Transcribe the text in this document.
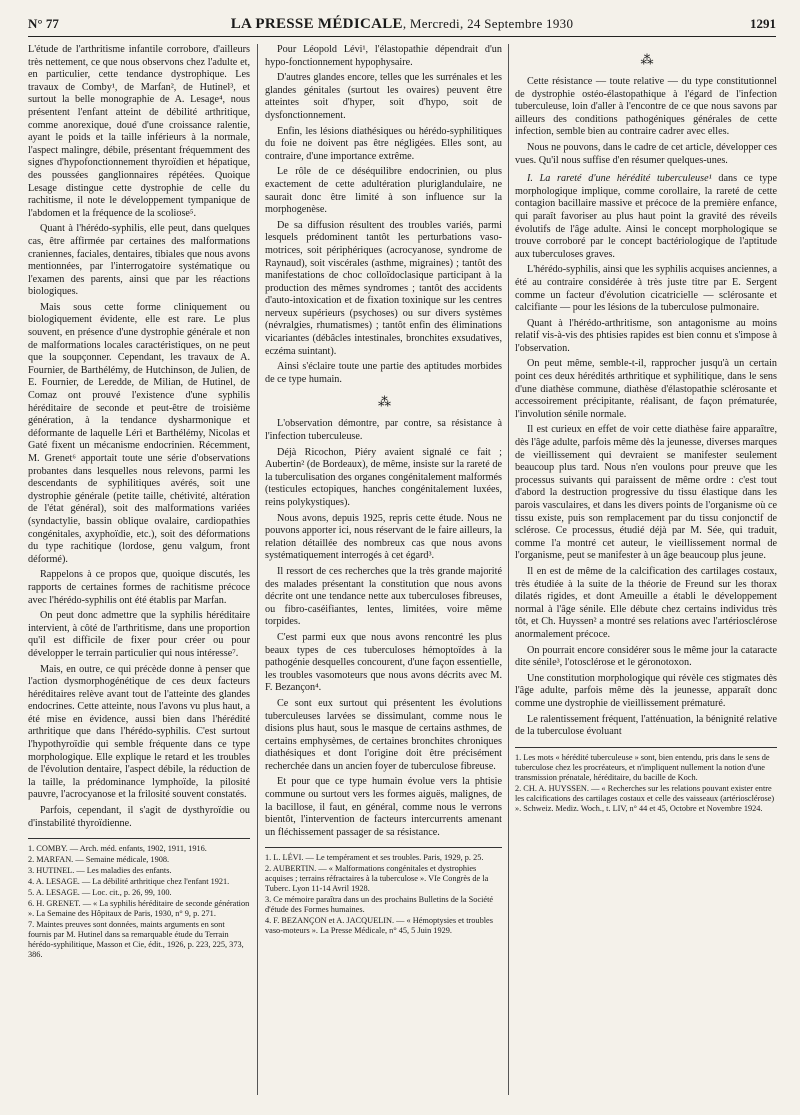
N° 77	LA PRESSE MÉDICALE, Mercredi, 24 Septembre 1930	1291

L'étude de l'arthritisme infantile corrobore, d'ailleurs très nettement, ce que nous observons chez l'adulte et, en particulier, cette tendance dystrophique. Les travaux de Comby¹, de Marfan², de Hutinel³, et surtout la belle monographie de A. Lesage⁴, nous présentent l'enfant atteint de débilité arthritique, comme anorexique, doué d'une croissance ralentie, ayant le poids et la taille inférieurs à la normale, l'aspect malingre, débile, présentant fréquemment des signes d'hypofonctionnement thyroïdien et hépatique, des poussées ganglionnaires répétées. Quoique Lesage distingue cette dystrophie de celle du rachitisme, il note le développement tympanique de l'abdomen et la fréquence de la scoliose⁵.

Quant à l'hérédo-syphilis, elle peut, dans quelques cas, être affirmée par certaines des malformations craniennes, faciales, dentaires, tibiales que nous avons mentionnées, par l'interrogatoire systématique ou l'examen des parents, ainsi que par les réactions biologiques.

Mais sous cette forme cliniquement ou biologiquement évidente, elle est rare. Le plus souvent, en présence d'une dystrophie générale et non de malformations locales caractéristiques, on ne peut que la soupçonner. Cependant, les travaux de A. Fournier, de Barthélémy, de Hutchinson, de Julien, de E. Fournier, de Leredde, de Milian, de Hutinel, de Comaz ont prouvé l'existence d'une syphilis héréditaire de seconde et peut-être de troisième génération, à la tendance dysharmonique et déformante de laquelle Léri et Barthélémy, Nicolas et Gaté fixent un mécanisme endocrinien. Récemment, M. Grenet⁶ apportait toute une série d'observations probantes dans lesquelles nous relevons, parmi les descendants de syphilitiques avérés, soit une dystrophie générale (petite taille, chétivité, altération de l'état général), soit des malformations variées (syndactylie, bassin oblique ovalaire, cardiopathies congénitales, axyphoïdie, etc.), soit des déformations du type rachitique (lordose, genu valgum, front déformé).

Rappelons à ce propos que, quoique discutés, les rapports de certaines formes de rachitisme précoce avec l'hérédo-syphilis ont été établis par Marfan.

On peut donc admettre que la syphilis héréditaire intervient, à côté de l'arthritisme, dans une proportion qu'il est difficile de fixer pour créer ou pour développer le terrain particulier qui nous intéresse⁷.

Mais, en outre, ce qui précède donne à penser que l'action dysmorphogénétique de ces deux facteurs héréditaires relève avant tout de l'atteinte des glandes endocrines. Cette atteinte, nous l'avons vu plus haut, a été mise en évidence, aussi bien dans l'hérédité arthritique que dans l'hérédo-syphilis. C'est surtout l'hypothyroïdie qui semble fréquente dans ce type morphologique. Elle explique le retard et les troubles de l'évolution dentaire, l'aspect débile, la réduction de la taille, la prédominance lymphoïde, la pilosité pauvre, l'acrocyanose et la frilosité souvent constatés.

Parfois, cependant, il s'agit de dysthyroïdie ou d'instabilité thyroïdienne.

1. COMBY. — Arch. méd. enfants, 1902, 1911, 1916.
2. MARFAN. — Semaine médicale, 1908.
3. HUTINEL. — Les maladies des enfants.
4. A. LESAGE. — La débilité arthritique chez l'enfant 1921.
5. A. LESAGE. — Loc. cit., p. 26, 99, 100.
6. H. GRENET. — « La syphilis héréditaire de seconde génération ». La Semaine des Hôpitaux de Paris, 1930, n° 9, p. 271.
7. Maintes preuves sont données, maints arguments en sont fournis par M. Hutinel dans sa remarquable étude du Terrain hérédo-syphilitique, Masson et Cie, édit., 1926, p. 223, 225, 373, 386.

Pour Léopold Lévi¹, l'élastopathie dépendrait d'un hypo-fonctionnement hypophysaire.

D'autres glandes encore, telles que les surrénales et les glandes génitales (surtout les ovaires) peuvent être atteintes soit d'hyper, soit d'hypo, soit de dysfonctionnement.

Enfin, les lésions diathésiques ou hérédo-syphilitiques du foie ne doivent pas être négligées. Elles sont, au contraire, d'une importance extrême.

Le rôle de ce déséquilibre endocrinien, ou plus exactement de cette adultération pluriglandulaire, ne saurait donc être limité à son influence sur la morphogenèse.

De sa diffusion résultent des troubles variés, parmi lesquels prédominent tantôt les perturbations vaso-motrices, soit périphériques (acrocyanose, syndrome de Raynaud), soit viscérales (asthme, migraines) ; tantôt des manifestations de choc colloïdoclasique participant à la production des mêmes syndromes ; tantôt des accidents d'auto-intoxication et de fixation toxinique sur les centres nerveux supérieurs (psychoses) ou sur divers systèmes (névralgies, rhumatismes) ; tantôt enfin des éliminations vicariantes (débâcles intestinales, bronchites exsudatives, eczéma suintant).

Ainsi s'éclaire toute une partie des aptitudes morbides de ce type humain.

⁂

L'observation démontre, par contre, sa résistance à l'infection tuberculeuse.

Déjà Ricochon, Piéry avaient signalé ce fait ; Aubertin² (de Bordeaux), de même, insiste sur la rareté de la tuberculisation des organes congénitalement malformés (testicules ectopiques, hanches congénitalement luxées, reins polykystiques).

Nous avons, depuis 1925, repris cette étude. Nous ne pouvons apporter ici, nous réservant de le faire ailleurs, la relation détaillée des nombreux cas que nous avons systématiquement interrogés à cet égard³.

Il ressort de ces recherches que la très grande majorité des malades présentant la constitution que nous avons décrite ont une tendance nette aux tuberculoses fibreuses, ou fibro-caséifiantes, lentes, limitées, voire même torpides.

C'est parmi eux que nous avons rencontré les plus beaux types de ces tuberculoses hémoptoïdes à la pathogénie desquelles concourent, d'une façon essentielle, les troubles vasomoteurs que nous avons décrits avec M. F. Bezançon⁴.

Ce sont eux surtout qui présentent les évolutions tuberculeuses larvées se dissimulant, comme nous le disions plus haut, sous le masque de certains asthmes, de certains emphysèmes, de certaines bronchites chroniques diathésiques et dont l'origine doit être précisément recherchée dans un ancien foyer de tuberculose fibreuse.

Et pour que ce type humain évolue vers la phtisie commune ou surtout vers les formes aiguës, malignes, de la bacillose, il faut, en général, comme nous le verrons bientôt, l'intervention de facteurs intercurrents amenant un fléchissement passager de sa résistance.

1. L. LÉVI. — Le tempérament et ses troubles. Paris, 1929, p. 25.
2. AUBERTIN. — « Malformations congénitales et dystrophies acquises ; terrains réfractaires à la tuberculose ». VIe Congrès de la Tuberc. Lyon 11-14 Avril 1928.
3. Ce mémoire paraîtra dans un des prochains Bulletins de la Société d'étude des Formes humaines.
4. F. BEZANÇON et A. JACQUELIN. — « Hémoptysies et troubles vaso-moteurs ». La Presse Médicale, n° 45, 5 Juin 1929.
⁂

Cette résistance — toute relative — du type constitutionnel de dystrophie ostéo-élastopathique à l'égard de l'infection tuberculeuse, loin d'aller à l'encontre de ce que nous savons par ailleurs des conditions pathogéniques générales de cette infection, semble bien au contraire cadrer avec elles.

Nous ne pouvons, dans le cadre de cet article, développer ces vues. Qu'il nous suffise d'en résumer quelques-unes.

I. La rareté d'une hérédité tuberculeuse¹ dans ce type morphologique implique, comme corollaire, la rareté de cette contagion bacillaire massive et précoce de la première enfance, qui paraît favoriser au plus haut point la gravité des réveils évolutifs de l'âge adulte. Ainsi le concept morphologique se trouve corroboré par le concept bactériologique de l'aptitude aux tuberculoses graves.

L'hérédo-syphilis, ainsi que les syphilis acquises anciennes, a été au contraire considérée à très juste titre par E. Sergent comme un facteur d'évolution cicatricielle — sclérosante et calcifiante — pour les lésions de la tuberculose pulmonaire.

Quant à l'hérédo-arthritisme, son antagonisme au moins relatif vis-à-vis des phtisies rapides est bien connu et s'impose à l'observation.

On peut même, semble-t-il, rapprocher jusqu'à un certain point ces deux hérédités arthritique et syphilitique, dans le sens d'une diathèse commune, diathèse d'élastopathie sclérosante et accessoirement précipitante, réalisant, de façon prématurée, l'involution sénile normale.

Il est curieux en effet de voir cette diathèse faire apparaître, dès l'âge adulte, parfois même dès la jeunesse, diverses marques de vieillissement qui devraient se manifester seulement beaucoup plus tard. Nous n'en voulons pour preuve que les processus suivants qui paraissent de même ordre : c'est tout d'abord la destruction progressive du tissu élastique dans les parois vasculaires, et dans les divers points de l'organisme où ce tissu existe, puis son remplacement par du tissu conjonctif de sclérose. Ce processus, étudié déjà par M. Sée, qui traduit, comme l'a montré cet auteur, le vieillissement normal de l'organisme, peut se manifester à un âge beaucoup plus jeune.

Il en est de même de la calcification des cartilages costaux, très étudiée à la suite de la théorie de Freund sur les thorax dilatés rigides, et dont Ameuille a établi le développement normal à l'âge sénile. Elle débute chez certains individus très tôt, et Ch. Huyssen² a montré ses relations avec l'artériosclérose anormalement précoce.

On pourrait encore considérer sous le même jour la cataracte dite sénile³, l'otosclérose et le géronotoxon.

Une constitution morphologique qui révèle ces stigmates dès l'âge adulte, parfois même dès la jeunesse, apparaît donc comme une dystrophie de vieillissement prématuré.

Le ralentissement fréquent, l'atténuation, la bénignité relative de la tuberculose évoluant

1. Les mots « hérédité tuberculeuse » sont, bien entendu, pris dans le sens de tuberculose chez les procréateurs, et n'impliquent nullement la notion d'une transmission prénatale, héréditaire, du bacille de Koch.
2. CH. A. HUYSSEN. — « Recherches sur les relations pouvant exister entre les calcifications des cartilages costaux et celle des vaisseaux (artériosclérose) ». Schweiz. Mediz. Woch., t. LIV, n° 44 et 45, Octobre et Novembre 1924.
